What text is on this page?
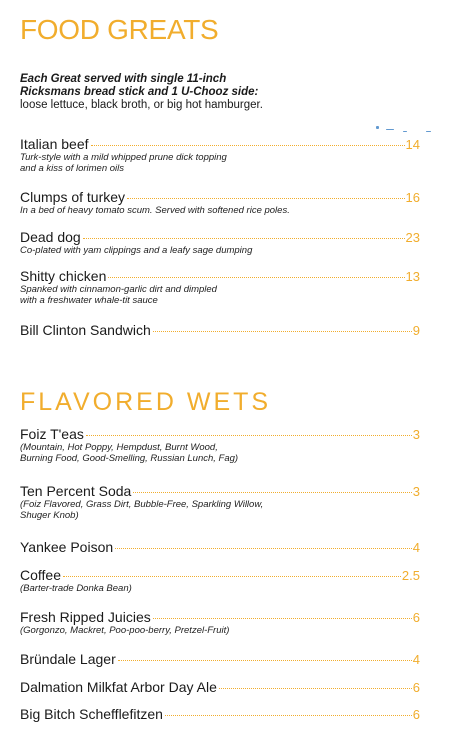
FOOD GREATS
Each Great served with single 11-inch
Ricksmans bread stick and 1 U-Chooz side:
loose lettuce, black broth, or big hot hamburger.
Italian beef	14
Turk-style with a mild whipped prune dick topping
and a kiss of lorimen oils
Clumps of turkey	16
In a bed of heavy tomato scum. Served with softened rice poles.
Dead dog	23
Co-plated with yam clippings and a leafy sage dumping
Shitty chicken	13
Spanked with cinnamon-garlic dirt and dimpled
with a freshwater whale-tit sauce
Bill Clinton Sandwich	9
FLAVORED WETS
Foiz T'eas	3
(Mountain, Hot Poppy, Hempdust, Burnt Wood,
Burning Food, Good-Smelling, Russian Lunch, Fag)
Ten Percent Soda	3
(Foiz Flavored, Grass Dirt, Bubble-Free, Sparkling Willow,
Shuger Knob)
Yankee Poison	4
Coffee	2.5
(Barter-trade Donka Bean)
Fresh Ripped Juicies	6
(Gorgonzo, Mackret, Poo-poo-berry, Pretzel-Fruit)
Bründale Lager	4
Dalmation Milkfat Arbor Day Ale	6
Big Bitch Schefflefitzen	6
